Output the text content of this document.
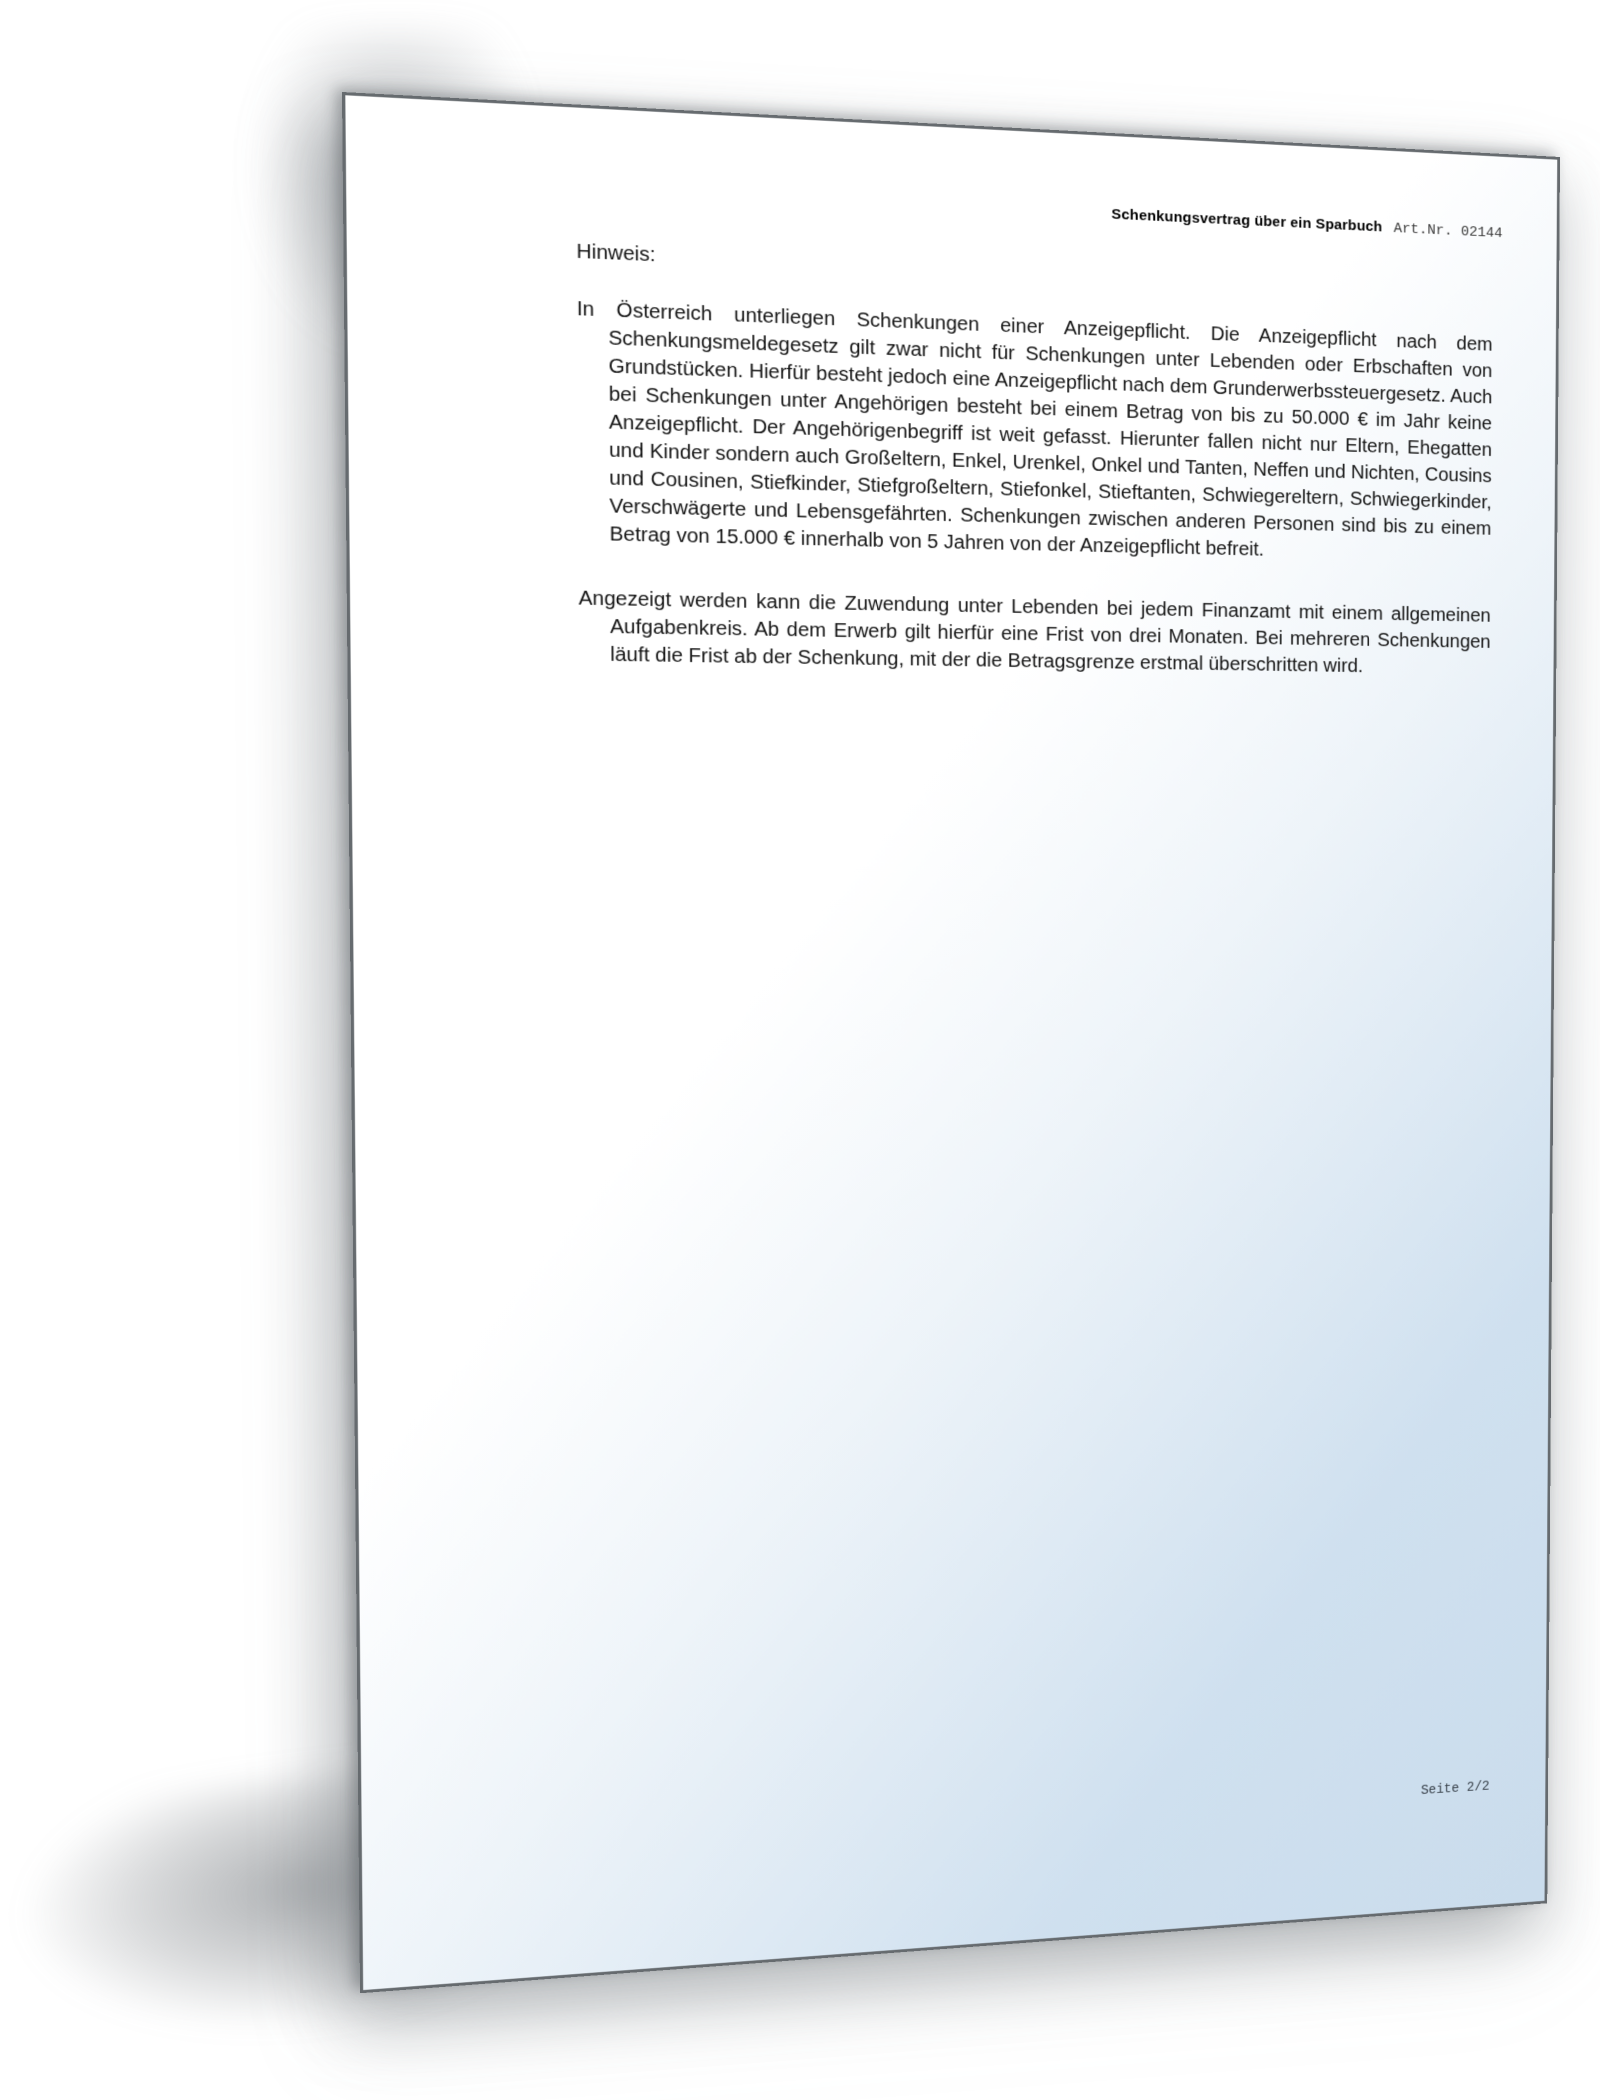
Schenkungsvertrag über ein Sparbuch Art.Nr. 02144
Hinweis:
In Österreich unterliegen Schenkungen einer Anzeigepflicht. Die Anzeigepflicht nach dem Schenkungsmeldegesetz gilt zwar nicht für Schenkungen unter Lebenden oder Erbschaften von Grundstücken. Hierfür besteht jedoch eine Anzeigepflicht nach dem Grunderwerbssteuergesetz. Auch bei Schenkungen unter Angehörigen besteht bei einem Betrag von bis zu 50.000 € im Jahr keine Anzeigepflicht. Der Angehörigenbegriff ist weit gefasst. Hierunter fallen nicht nur Eltern, Ehegatten und Kinder sondern auch Großeltern, Enkel, Urenkel, Onkel und Tanten, Neffen und Nichten, Cousins und Cousinen, Stiefkinder, Stiefgroßeltern, Stiefonkel, Stieftanten, Schwiegereltern, Schwiegerkinder, Verschwägerte und Lebensgefährten. Schenkungen zwischen anderen Personen sind bis zu einem Betrag von 15.000 € innerhalb von 5 Jahren von der Anzeigepflicht befreit.
Angezeigt werden kann die Zuwendung unter Lebenden bei jedem Finanzamt mit einem allgemeinen Aufgabenkreis. Ab dem Erwerb gilt hierfür eine Frist von drei Monaten. Bei mehreren Schenkungen läuft die Frist ab der Schenkung, mit der die Betragsgrenze erstmal überschritten wird.
Seite 2/2
